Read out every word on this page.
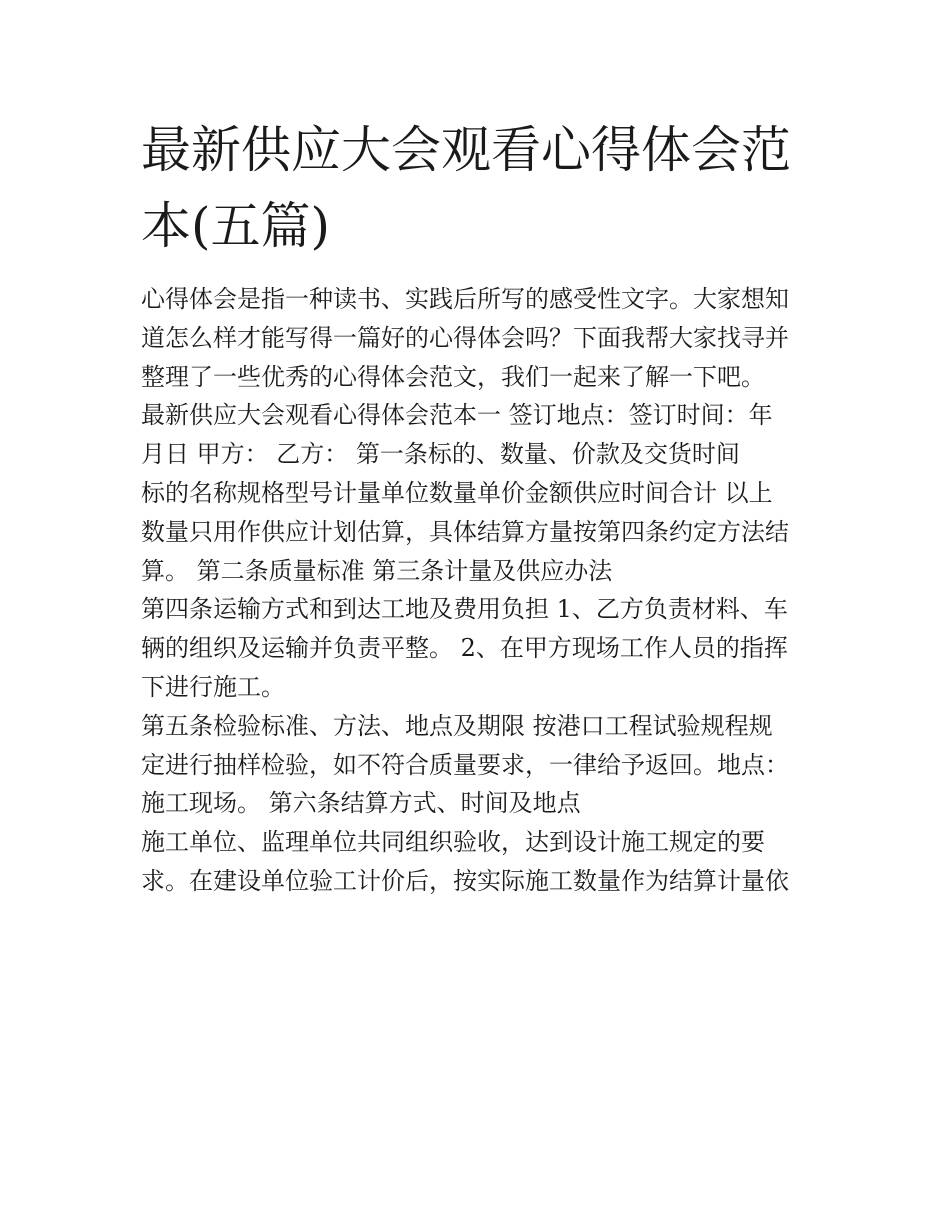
最新供应大会观看心得体会范
本(五篇)
心得体会是指一种读书、实践后所写的感受性文字。大家想知
道怎么样才能写得一篇好的心得体会吗？下面我帮大家找寻并
整理了一些优秀的心得体会范文，我们一起来了解一下吧。
最新供应大会观看心得体会范本一 签订地点：签订时间：年
月日 甲方： 乙方： 第一条标的、数量、价款及交货时间
标的名称规格型号计量单位数量单价金额供应时间合计 以上
数量只用作供应计划估算，具体结算方量按第四条约定方法结
算。 第二条质量标准 第三条计量及供应办法
第四条运输方式和到达工地及费用负担 1、乙方负责材料、车
辆的组织及运输并负责平整。 2、在甲方现场工作人员的指挥
下进行施工。
第五条检验标准、方法、地点及期限 按港口工程试验规程规
定进行抽样检验，如不符合质量要求，一律给予返回。地点：
施工现场。 第六条结算方式、时间及地点
施工单位、监理单位共同组织验收，达到设计施工规定的要
求。在建设单位验工计价后，按实际施工数量作为结算计量依
